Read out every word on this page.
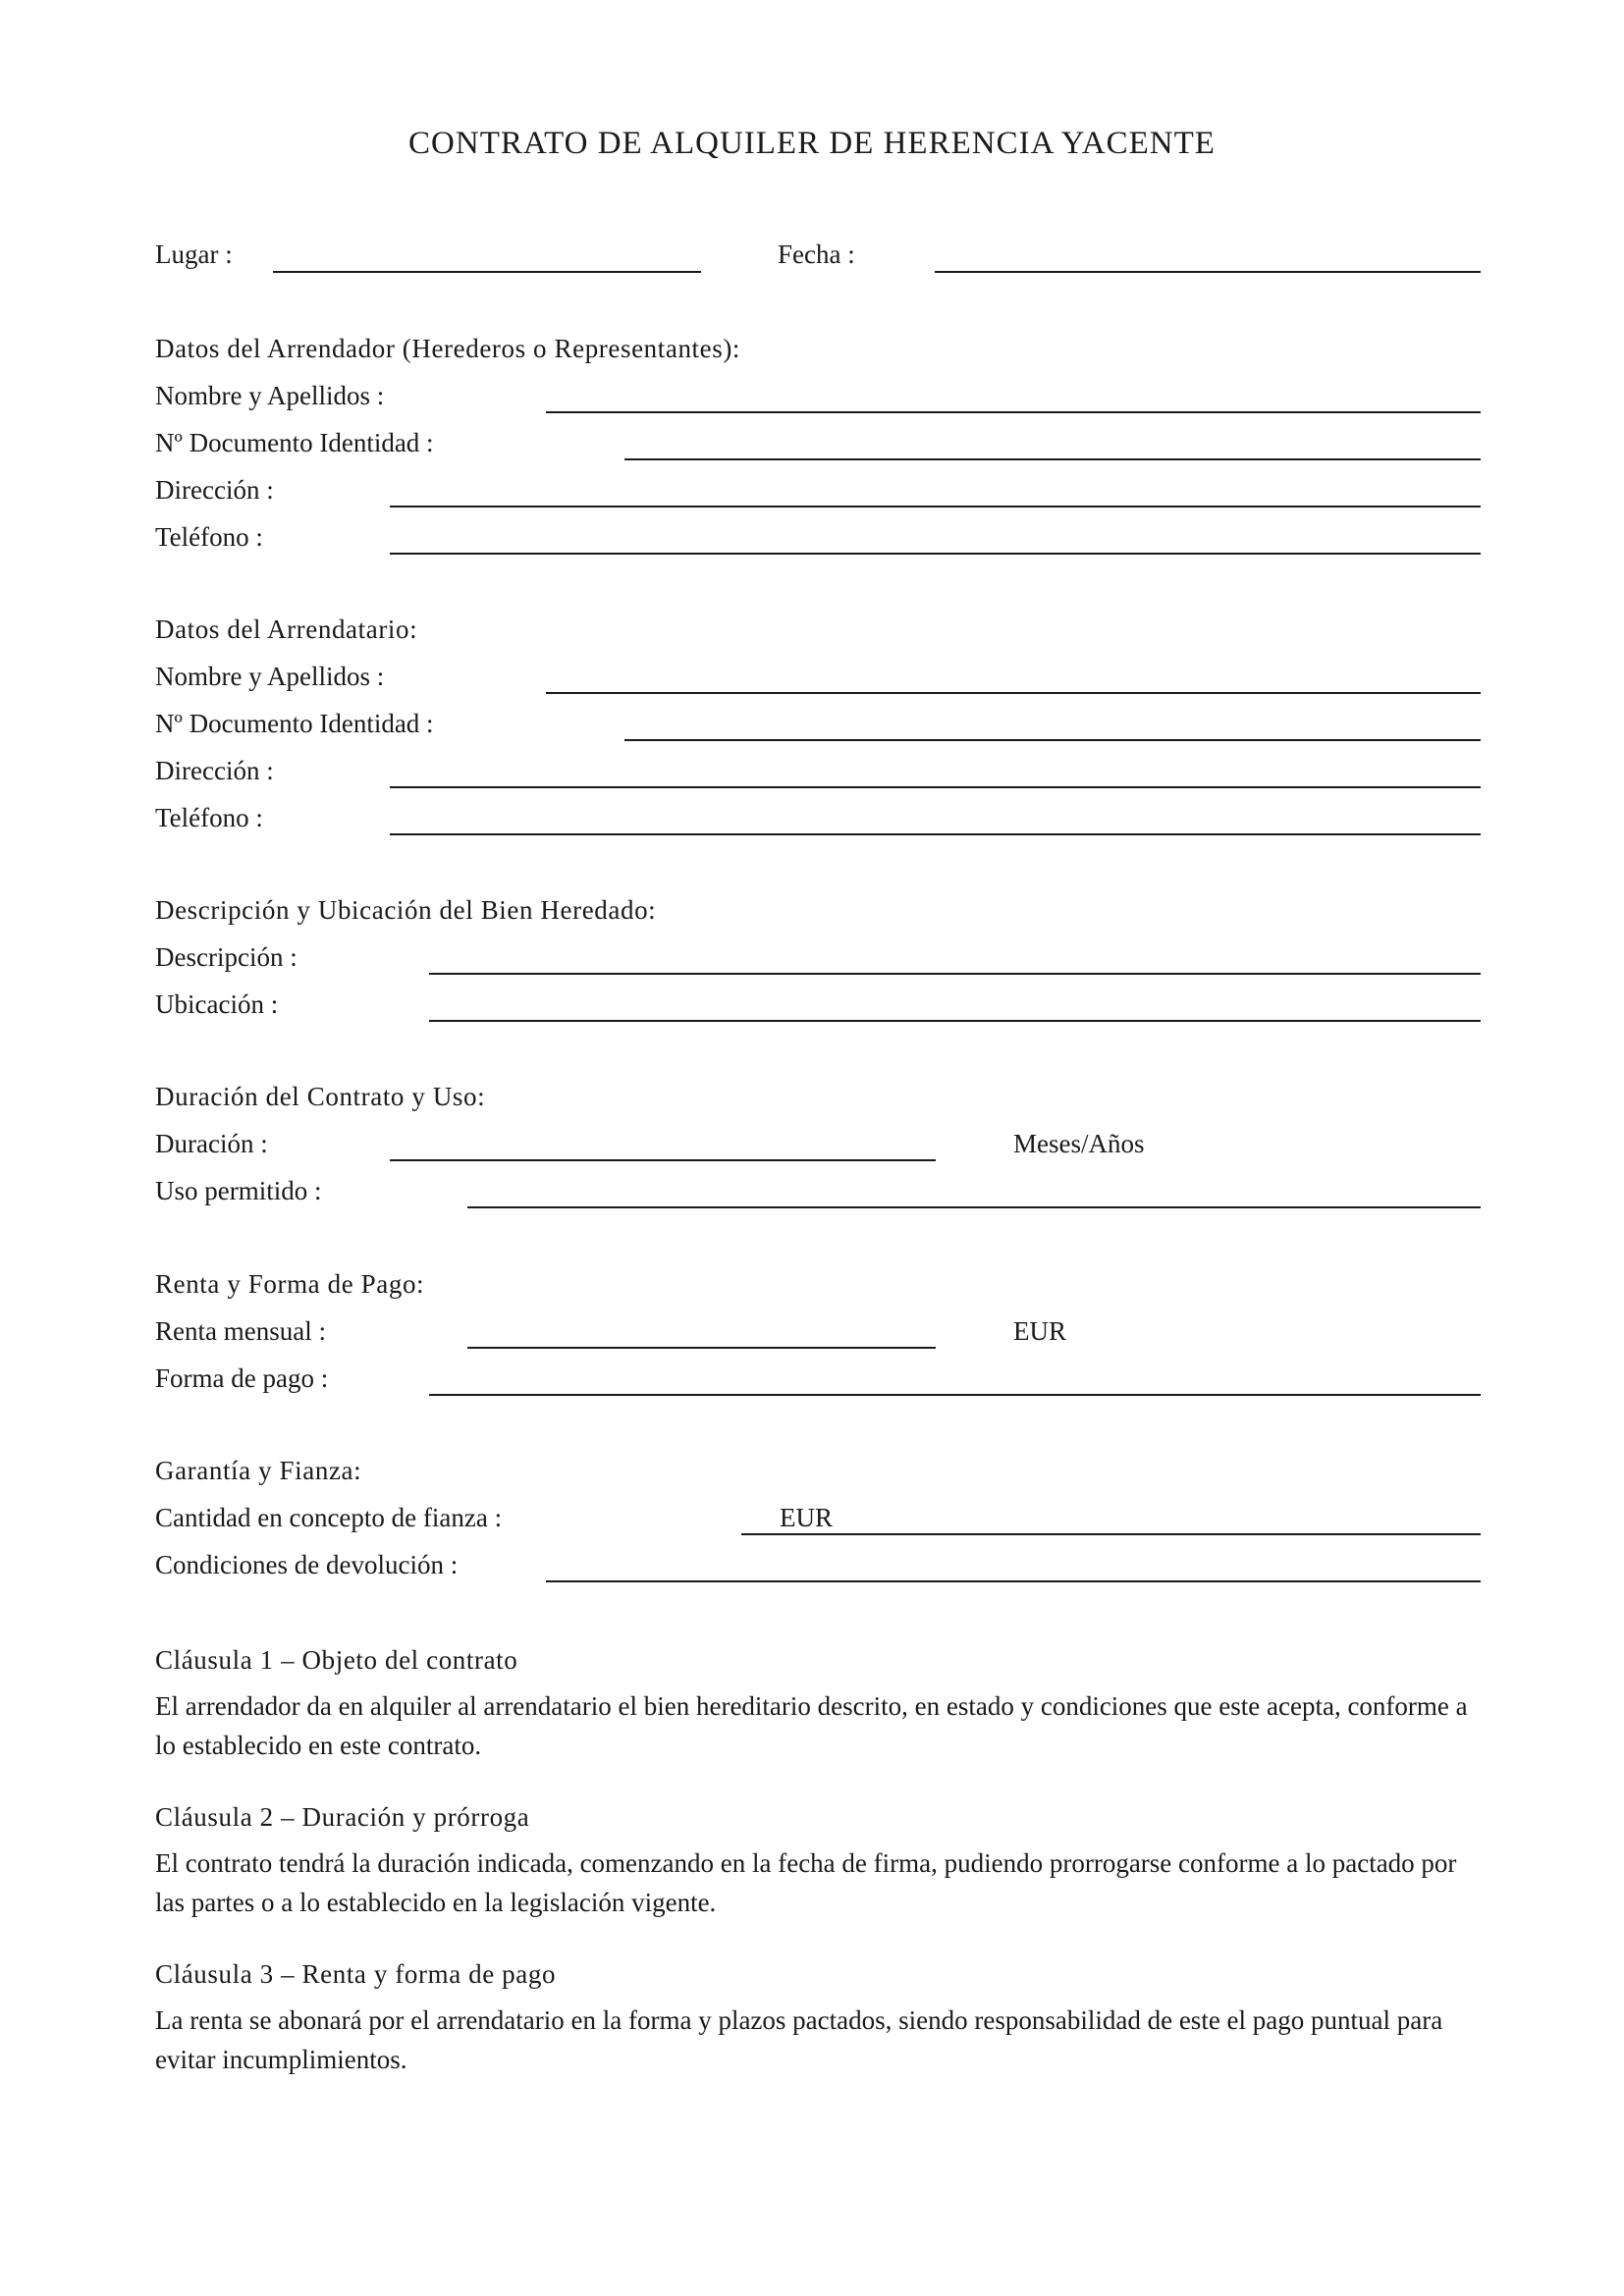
CONTRATO DE ALQUILER DE HERENCIA YACENTE
Lugar :	Fecha :
Datos del Arrendador (Herederos o Representantes):
Nombre y Apellidos :
Nº Documento Identidad :
Dirección :
Teléfono :
Datos del Arrendatario:
Nombre y Apellidos :
Nº Documento Identidad :
Dirección :
Teléfono :
Descripción y Ubicación del Bien Heredado:
Descripción :
Ubicación :
Duración del Contrato y Uso:
Duración :	Meses/Años
Uso permitido :
Renta y Forma de Pago:
Renta mensual :	EUR
Forma de pago :
Garantía y Fianza:
Cantidad en concepto de fianza :	EUR
Condiciones de devolución :
Cláusula 1 – Objeto del contrato

El arrendador da en alquiler al arrendatario el bien hereditario descrito, en estado y condiciones que este acepta, conforme a lo establecido en este contrato.

Cláusula 2 – Duración y prórroga

El contrato tendrá la duración indicada, comenzando en la fecha de firma, pudiendo prorrogarse conforme a lo pactado por las partes o a lo establecido en la legislación vigente.

Cláusula 3 – Renta y forma de pago

La renta se abonará por el arrendatario en la forma y plazos pactados, siendo responsabilidad de este el pago puntual para evitar incumplimientos.
